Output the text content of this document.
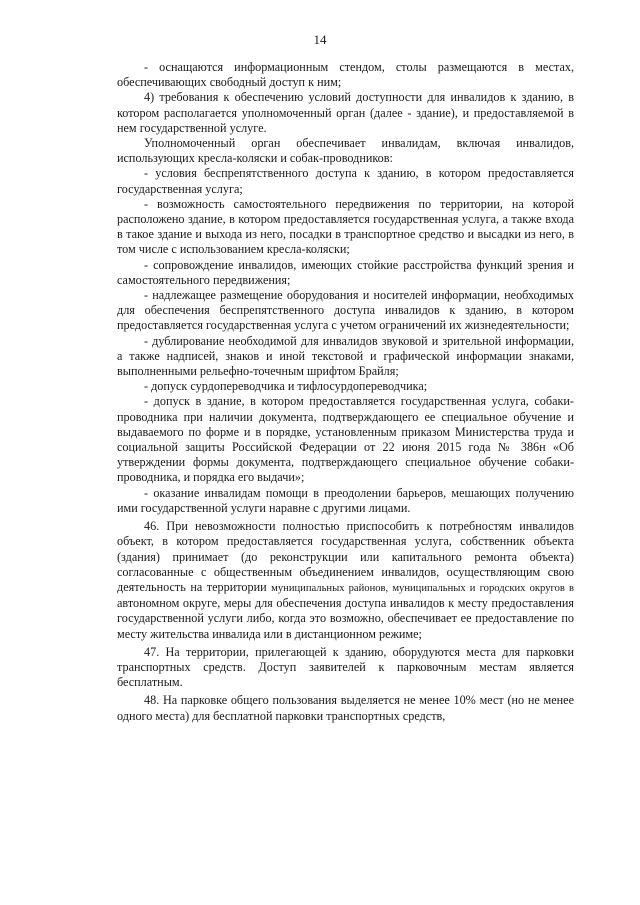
14

- оснащаются информационным стендом, столы размещаются в местах, обеспечивающих свободный доступ к ним;

4) требования к обеспечению условий доступности для инвалидов к зданию, в котором располагается уполномоченный орган (далее - здание), и предоставляемой в нем государственной услуге.

Уполномоченный орган обеспечивает инвалидам, включая инвалидов, использующих кресла-коляски и собак-проводников:

- условия беспрепятственного доступа к зданию, в котором предоставляется государственная услуга;

- возможность самостоятельного передвижения по территории, на которой расположено здание, в котором предоставляется государственная услуга, а также входа в такое здание и выхода из него, посадки в транспортное средство и высадки из него, в том числе с использованием кресла-коляски;

- сопровождение инвалидов, имеющих стойкие расстройства функций зрения и самостоятельного передвижения;

- надлежащее размещение оборудования и носителей информации, необходимых для обеспечения беспрепятственного доступа инвалидов к зданию, в котором предоставляется государственная услуга с учетом ограничений их жизнедеятельности;

- дублирование необходимой для инвалидов звуковой и зрительной информации, а также надписей, знаков и иной текстовой и графической информации знаками, выполненными рельефно-точечным шрифтом Брайля;

- допуск сурдопереводчика и тифлосурдопереводчика;

- допуск в здание, в котором предоставляется государственная услуга, собаки-проводника при наличии документа, подтверждающего ее специальное обучение и выдаваемого по форме и в порядке, установленным приказом Министерства труда и социальной защиты Российской Федерации от 22 июня 2015 года № 386н «Об утверждении формы документа, подтверждающего специальное обучение собаки-проводника, и порядка его выдачи»;

- оказание инвалидам помощи в преодолении барьеров, мешающих получению ими государственной услуги наравне с другими лицами.

46. При невозможности полностью приспособить к потребностям инвалидов объект, в котором предоставляется государственная услуга, собственник объекта (здания) принимает (до реконструкции или капитального ремонта объекта) согласованные с общественным объединением инвалидов, осуществляющим свою деятельность на территории муниципальных районов, муниципальных и городских округов в автономном округе, меры для обеспечения доступа инвалидов к месту предоставления государственной услуги либо, когда это возможно, обеспечивает ее предоставление по месту жительства инвалида или в дистанционном режиме;

47. На территории, прилегающей к зданию, оборудуются места для парковки транспортных средств. Доступ заявителей к парковочным местам является бесплатным.

48. На парковке общего пользования выделяется не менее 10% мест (но не менее одного места) для бесплатной парковки транспортных средств,
